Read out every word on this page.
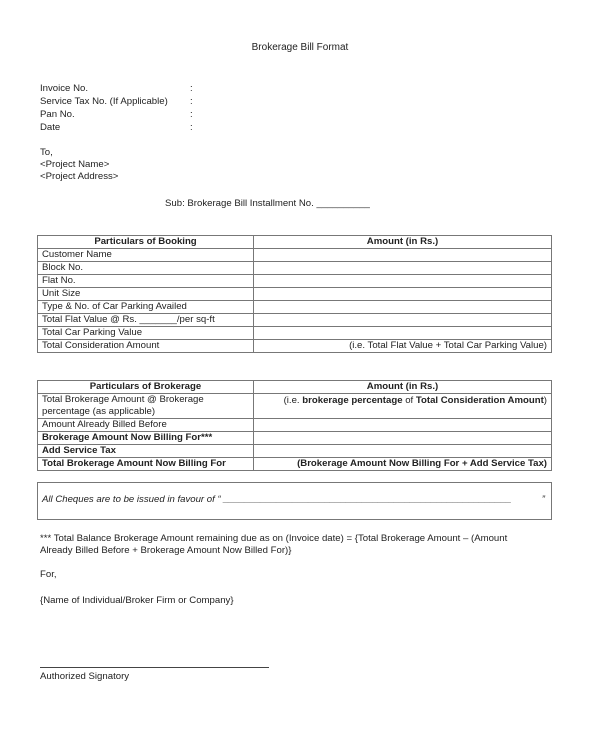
Brokerage Bill Format
Invoice No.	:
Service Tax No. (If Applicable) :
Pan No.	:
Date	:
To,
<Project Name>
<Project Address>
Sub: Brokerage Bill Installment No. __________
Particulars of Booking	Amount (in Rs.)
Customer Name	
Block No.	
Flat No.	
Unit Size	
Type & No. of Car Parking Availed	
Total Flat Value @ Rs. _______/per sq-ft	
Total Car Parking Value	
Total Consideration Amount	(i.e. Total Flat Value + Total Car Parking Value)
Particulars of Brokerage	Amount (in Rs.)

Total Brokerage Amount @ Brokerage
percentage (as applicable)	(i.e. brokerage percentage of Total Consideration Amount)
Amount Already Billed Before	
Brokerage Amount Now Billing For***	
Add Service Tax	
Total Brokerage Amount Now Billing For	(Brokerage Amount Now Billing For + Add Service Tax)
All Cheques are to be issued in favour of “ ______________________________________________________	”
*** Total Balance Brokerage Amount remaining due as on (Invoice date) = {Total Brokerage Amount – (Amount
Already Billed Before + Brokerage Amount Now Billed For)}
For,
{Name of Individual/Broker Firm or Company}
Authorized Signatory
